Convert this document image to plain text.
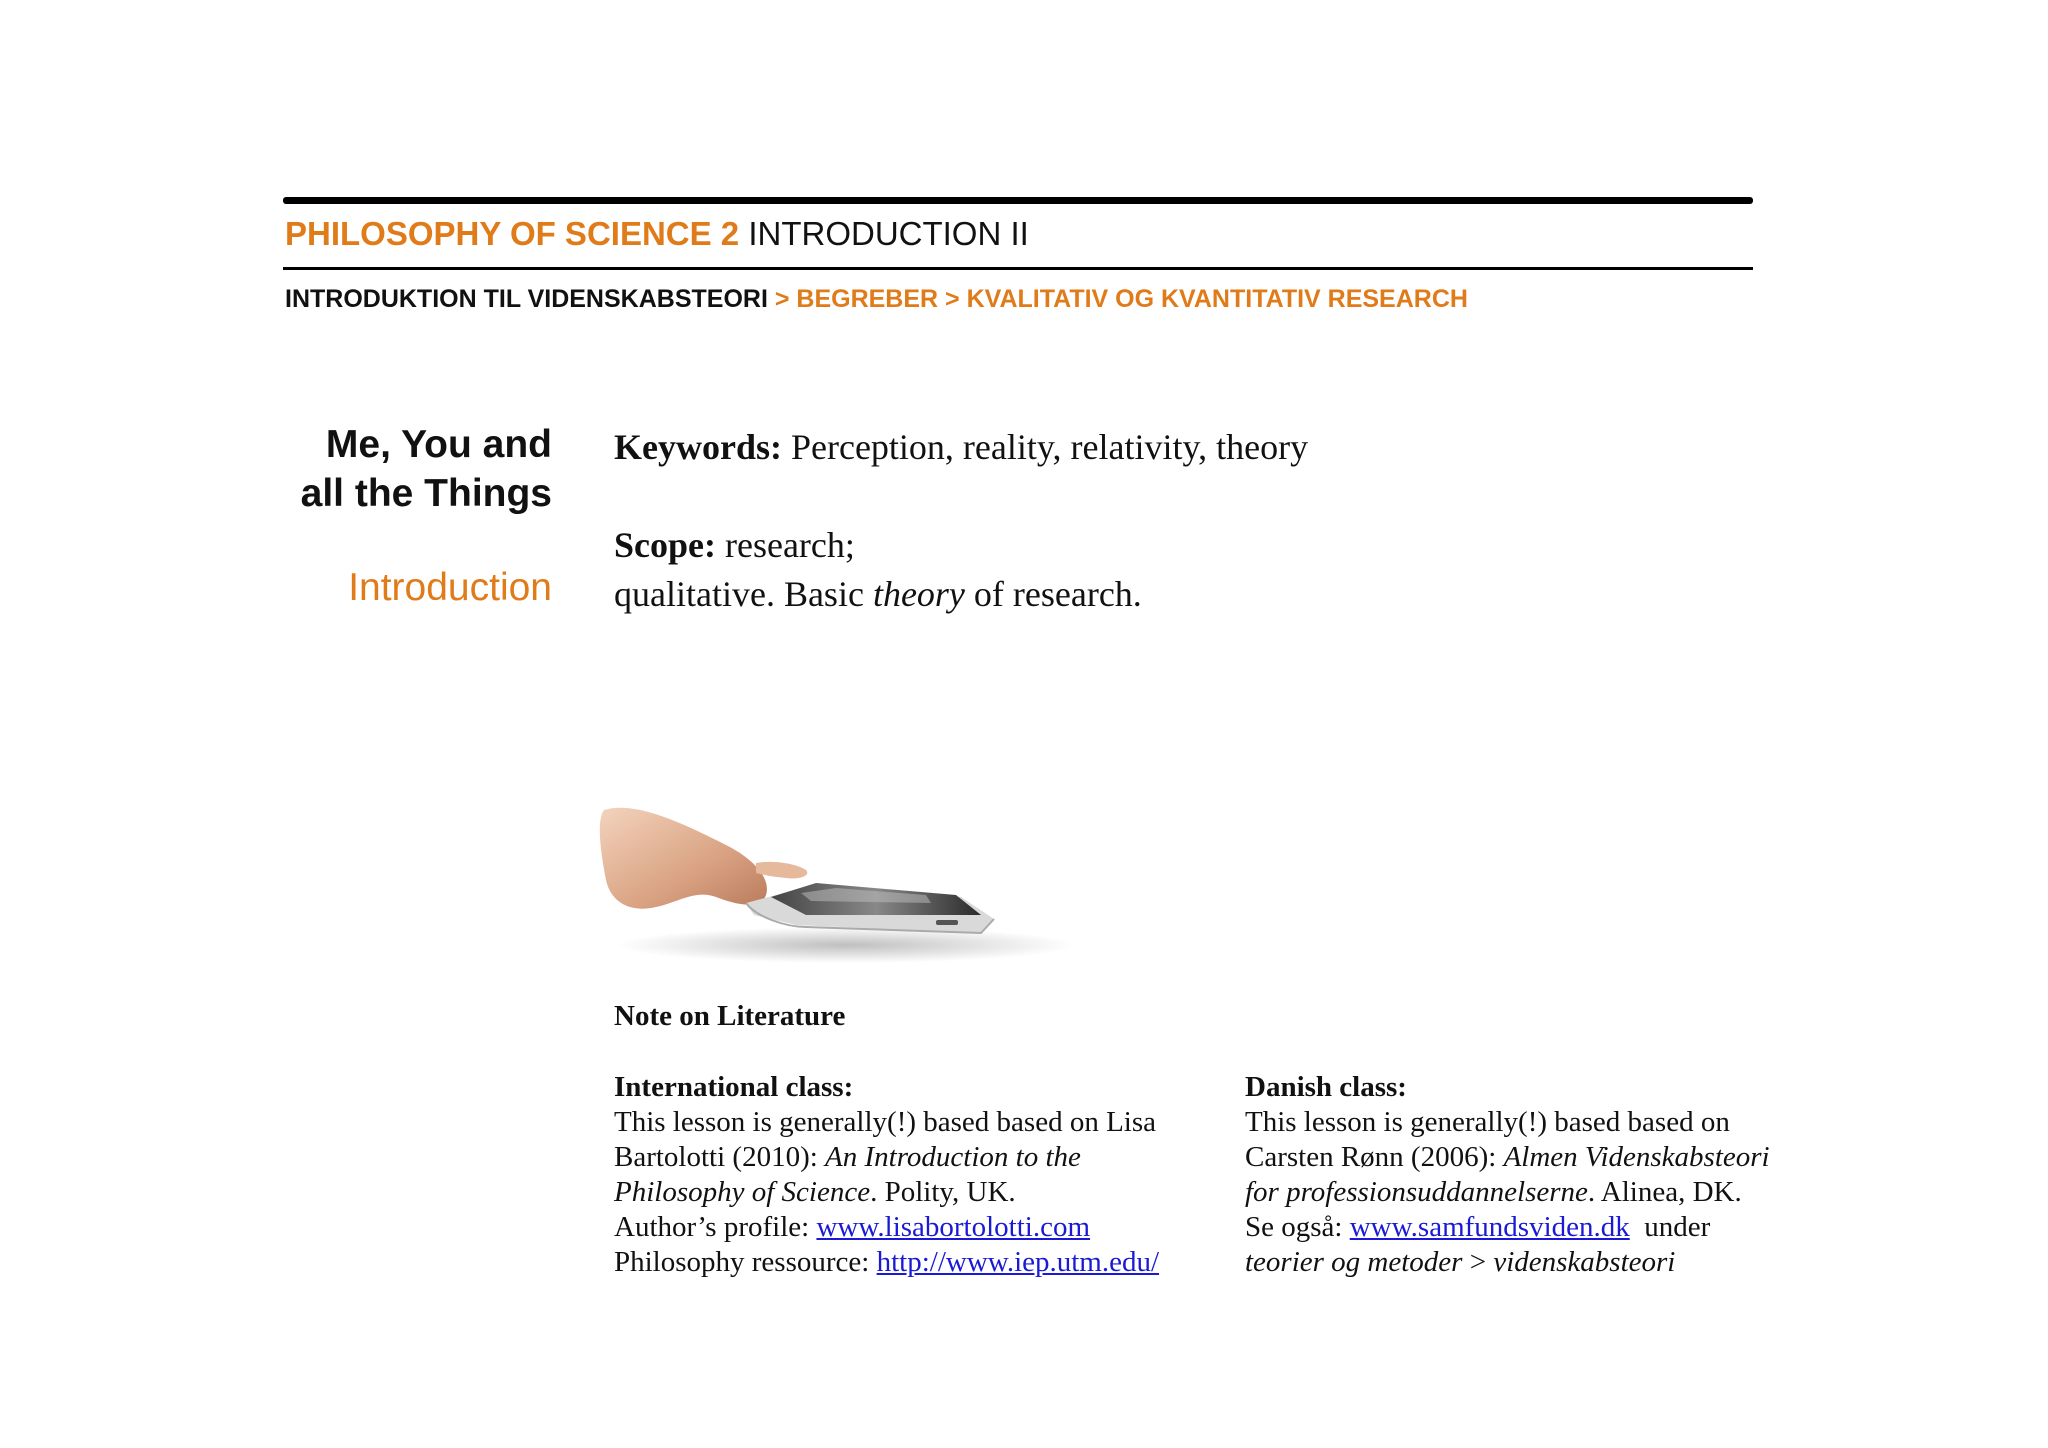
PHILOSOPHY OF SCIENCE 2 INTRODUCTION II
INTRODUKTION TIL VIDENSKABSTEORI > BEGREBER > KVALITATIV OG KVANTITATIV RESEARCH
Me, You and
all the Things
Introduction
Keywords: Perception, reality, relativity, theory
Scope: research;
qualitative. Basic theory of research.
Note on Literature
International class:
This lesson is generally(!) based based on Lisa
Bartolotti (2010): An Introduction to the
Philosophy of Science. Polity, UK.
Author’s profile: www.lisabortolotti.com
Philosophy ressource: http://www.iep.utm.edu/
Danish class:
This lesson is generally(!) based based on
Carsten Rønn (2006): Almen Videnskabsteori
for professionsuddannelserne. Alinea, DK.
Se også: www.samfundsviden.dk  under
teorier og metoder > videnskabsteori
